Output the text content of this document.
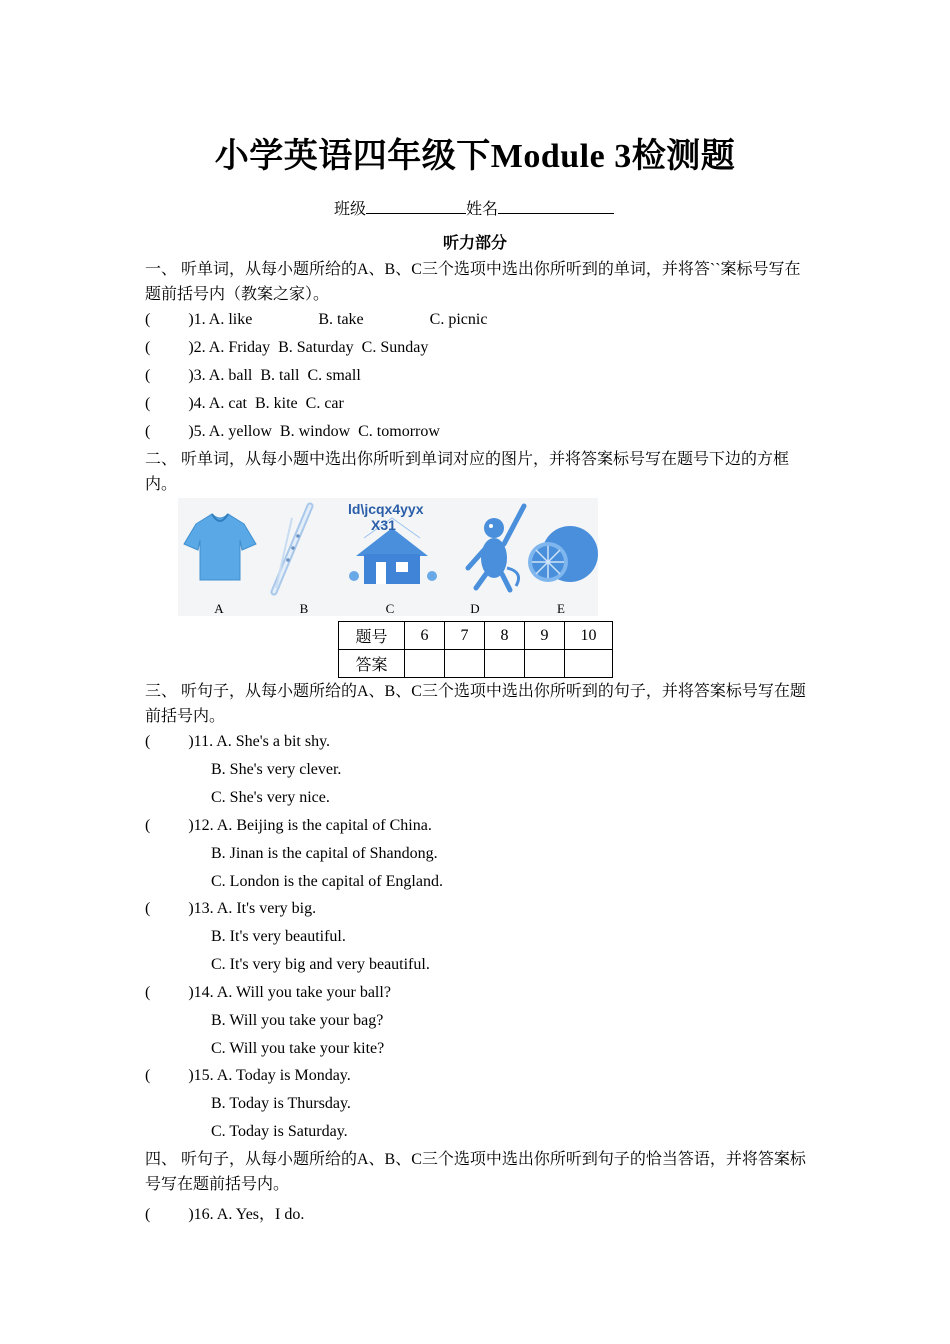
小学英语四年级下Module 3检测题
班级	姓名
听力部分
一、 听单词，从每小题所给的A、B、C三个选项中选出你所听到的单词，并将答``案标号写在题前括号内（教案之家）。
( )1. A. like	B. take	C. picnic
( )2. A. Friday B. Saturday C. Sunday
( )3. A. ball B. tall C. small
( )4. A. cat B. kite C. car
( )5. A. yellow B. window C. tomorrow
二、 听单词，从每小题中选出你所听到单词对应的图片，并将答案标号写在题号下边的方框内。
ld\jcqx4yyx
X31
A	B	C	D	E
题号	6	7	8	9	10
答案					
三、 听句子，从每小题所给的A、B、C三个选项中选出你所听到的句子，并将答案标号写在题前括号内。
( )11. A. She's a bit shy.
B. She's very clever.
C. She's very nice.
( )12. A. Beijing is the capital of China.
B. Jinan is the capital of Shandong.
C. London is the capital of England.
( )13. A. It's very big.
B. It's very beautiful.
C. It's very big and very beautiful.
( )14. A. Will you take your ball?
B. Will you take your bag?
C. Will you take your kite?
( )15. A. Today is Monday.
B. Today is Thursday.
C. Today is Saturday.
四、 听句子，从每小题所给的A、B、C三个选项中选出你所听到句子的恰当答语，并将答案标号写在题前括号内。
( )16. A. Yes，I do.
